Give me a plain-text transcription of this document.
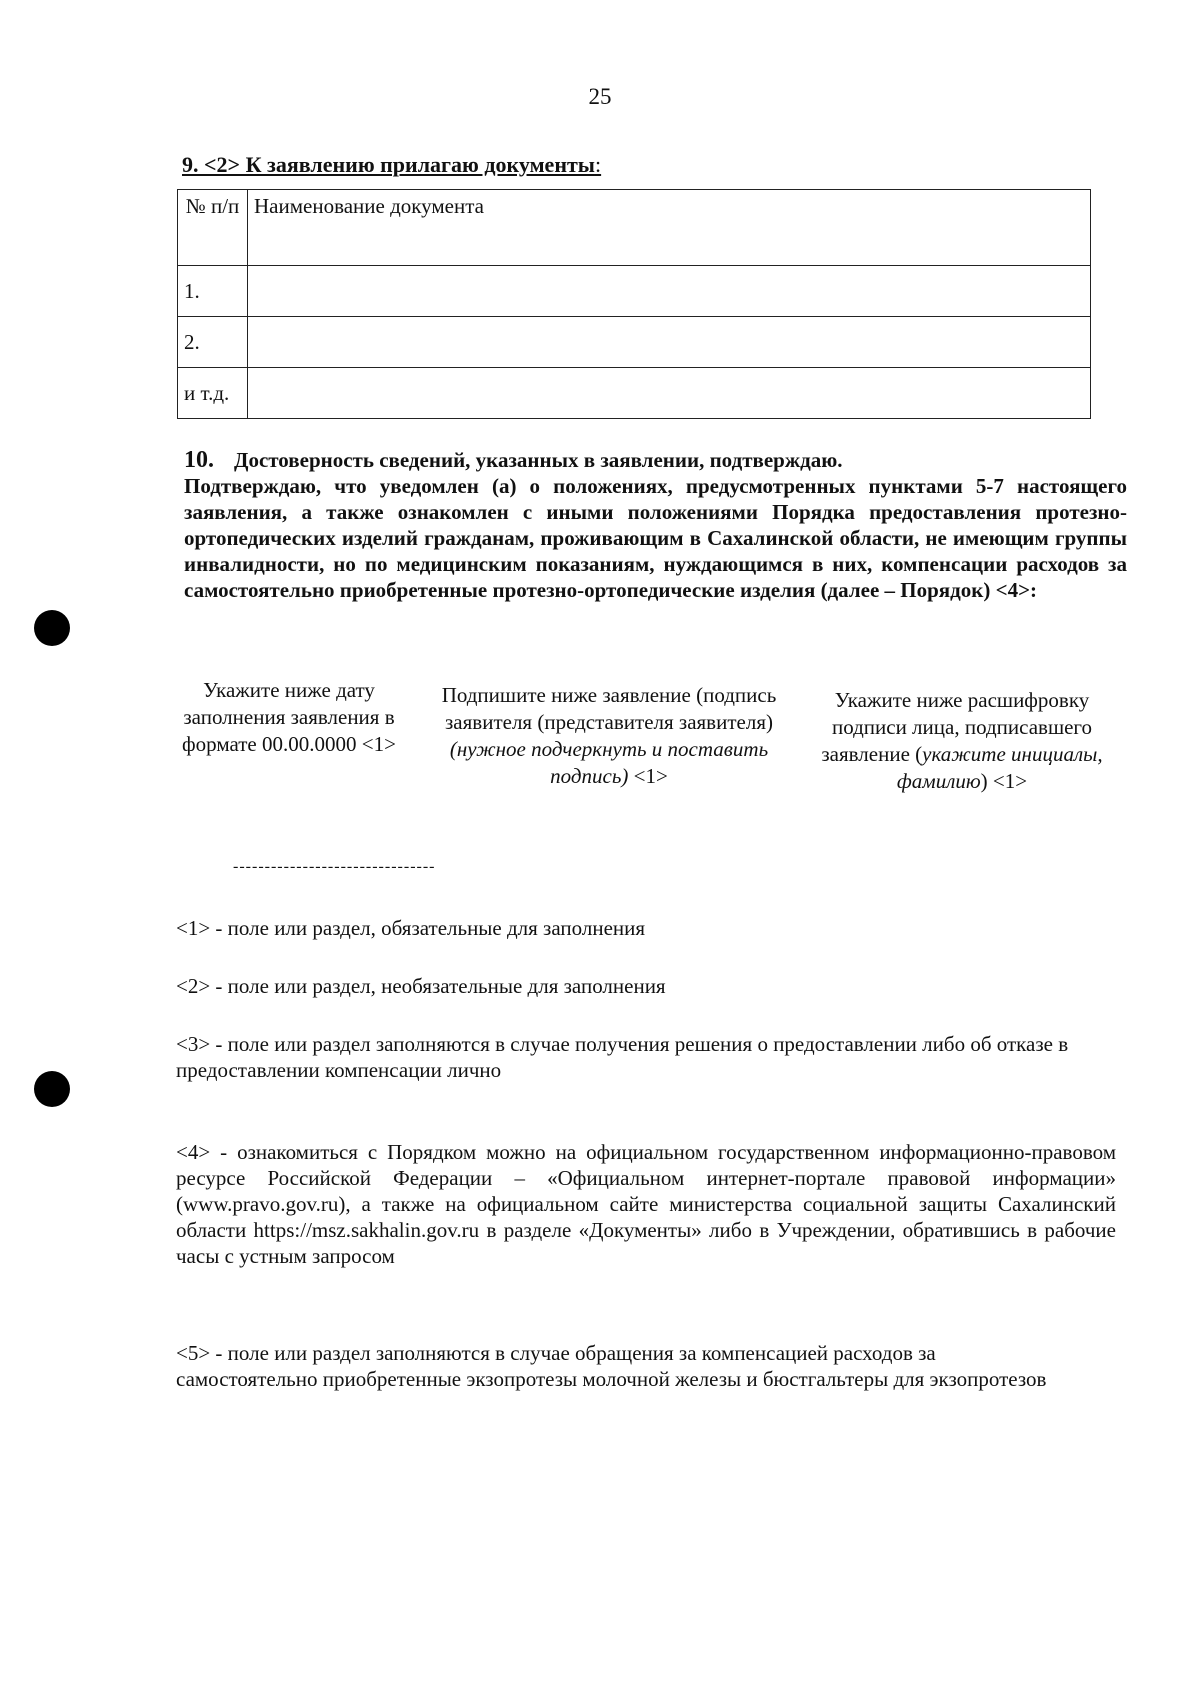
25
9. <2> К заявлению прилагаю документы:
№ п/п	Наименование документа
1.	
2.	
и т.д.	
10. Достоверность сведений, указанных в заявлении, подтверждаю.
Подтверждаю, что уведомлен (а) о положениях, предусмотренных пунктами 5-7 настоящего заявления, а также ознакомлен с иными положениями Порядка предоставления протезно-ортопедических изделий гражданам, проживающим в Сахалинской области, не имеющим группы инвалидности, но по медицинским показаниям, нуждающимся в них, компенсации расходов за самостоятельно приобретенные протезно-ортопедические изделия (далее – Порядок) <4>:
Укажите ниже дату заполнения заявления в формате 00.00.0000 <1>
Подпишите ниже заявление (подпись заявителя (представителя заявителя) (нужное подчеркнуть и поставить подпись) <1>
Укажите ниже расшифровку подписи лица, подписавшего заявление (укажите инициалы, фамилию) <1>
--------------------------------
<1> - поле или раздел, обязательные для заполнения
<2> - поле или раздел, необязательные для заполнения
<3> - поле или раздел заполняются в случае получения решения о предоставлении либо об отказе в предоставлении компенсации лично
<4> - ознакомиться с Порядком можно на официальном государственном информационно-правовом ресурсе Российской Федерации – «Официальном интернет-портале правовой информации» (www.pravo.gov.ru), а также на официальном сайте министерства социальной защиты Сахалинский области https://msz.sakhalin.gov.ru в разделе «Документы» либо в Учреждении, обратившись в рабочие часы с устным запросом
<5> - поле или раздел заполняются в случае обращения за компенсацией расходов за самостоятельно приобретенные экзопротезы молочной железы и бюстгальтеры для экзопротезов
